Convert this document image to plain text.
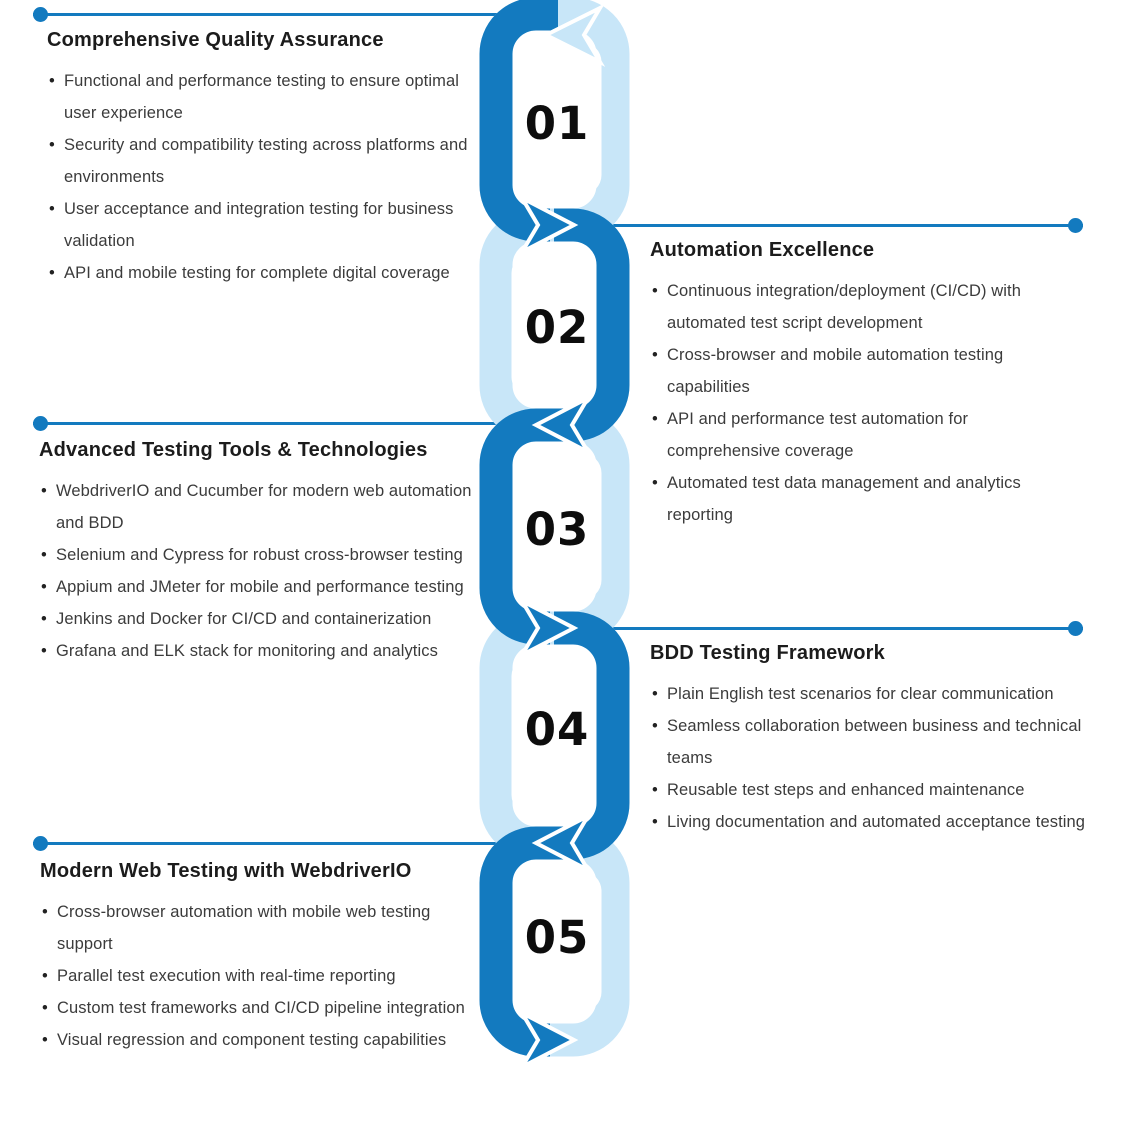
01
02
03
04
05
Comprehensive Quality Assurance
• Functional and performance testing to ensure optimal user experience
• Security and compatibility testing across platforms and environments
• User acceptance and integration testing for business validation
• API and mobile testing for complete digital coverage
Automation Excellence
• Continuous integration/deployment (CI/CD) with automated test script development
• Cross-browser and mobile automation testing capabilities
• API and performance test automation for comprehensive coverage
• Automated test data management and analytics reporting
Advanced Testing Tools & Technologies
• WebdriverIO and Cucumber for modern web automation and BDD
• Selenium and Cypress for robust cross-browser testing
• Appium and JMeter for mobile and performance testing
• Jenkins and Docker for CI/CD and containerization
• Grafana and ELK stack for monitoring and analytics	BDD Testing Framework
• Plain English test scenarios for clear communication
• Seamless collaboration between business and technical teams
• Reusable test steps and enhanced maintenance
• Living documentation and automated acceptance testing
Modern Web Testing with WebdriverIO
• Cross-browser automation with mobile web testing support
• Parallel test execution with real-time reporting
• Custom test frameworks and CI/CD pipeline integration
• Visual regression and component testing capabilities
